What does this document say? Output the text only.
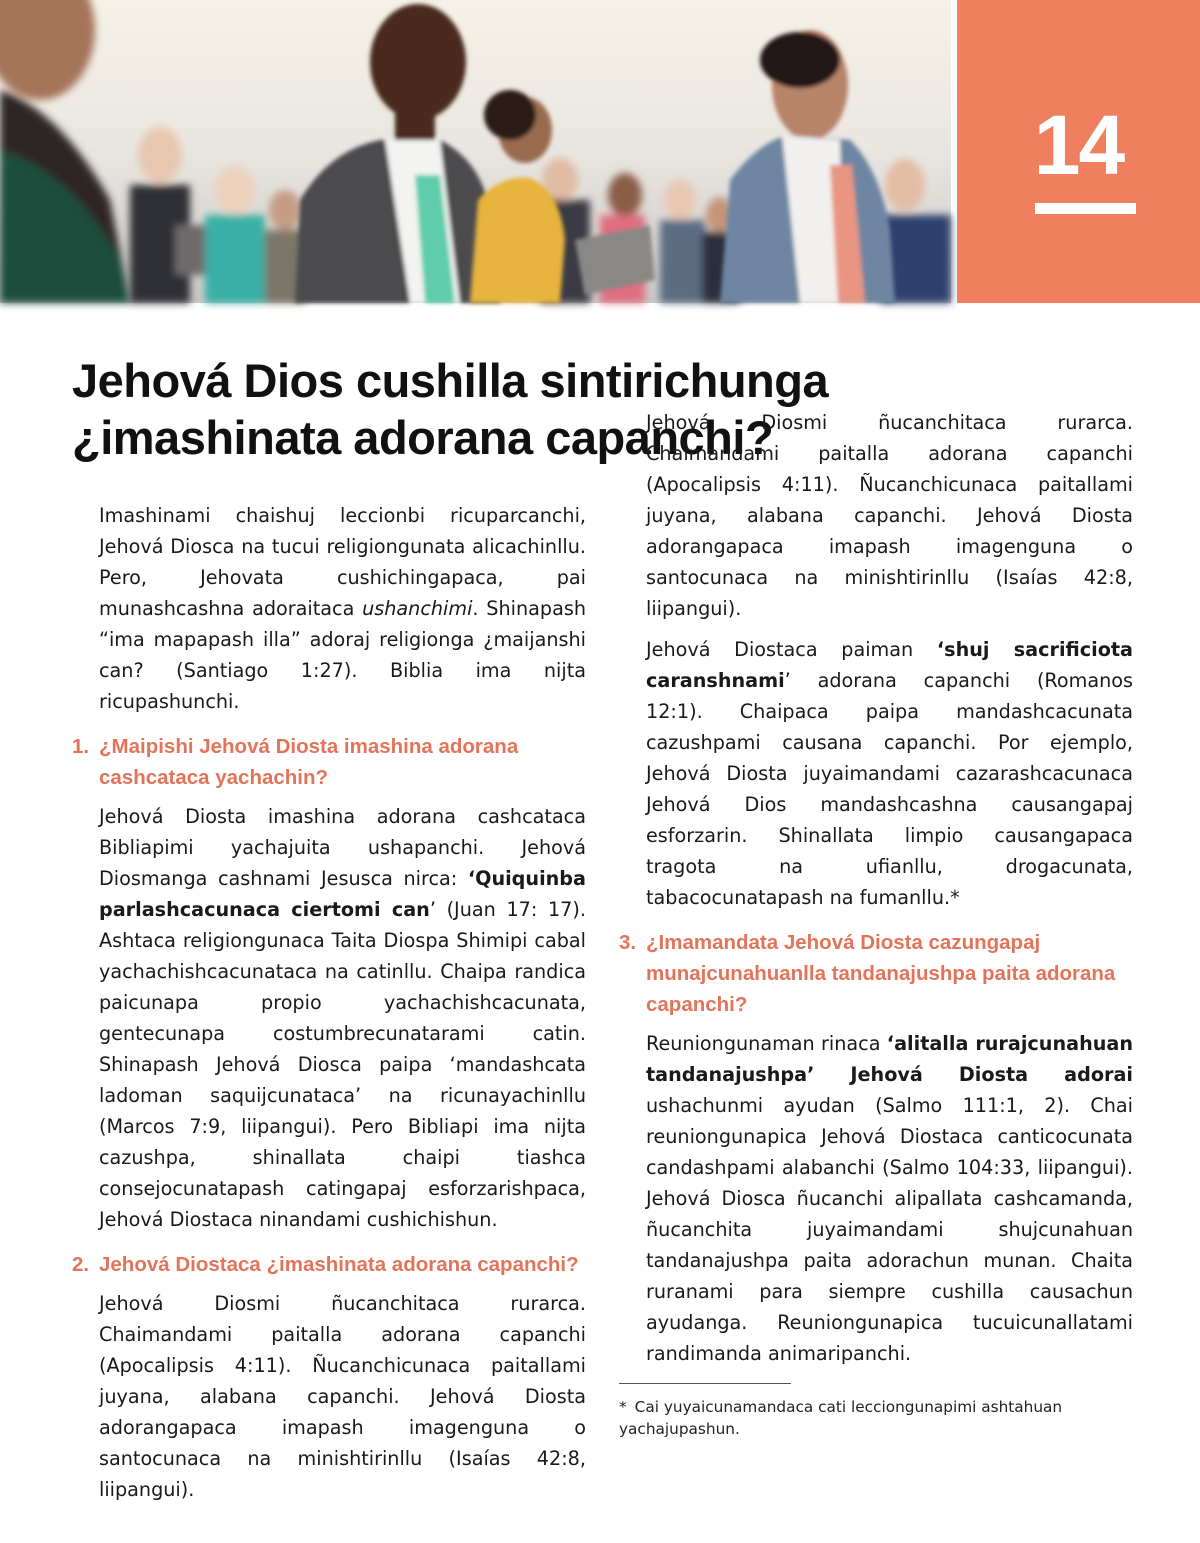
14
Jehová Dios cushilla sintirichunga
¿imashinata adorana capanchi?

Imashinami chaishuj leccionbi ricuparcanchi, Jehová Diosca na tucui religiongunata alicachinllu. Pero, Jehovata cushichingapaca, pai munashcashna adoraitaca ushanchimi. Shinapash “ima mapapash illa” adoraj religionga ¿maijanshi can? (Santiago 1:27). Biblia ima nijta ricupashunchi.

1. ¿Maipishi Jehová Diosta imashina adorana cashcataca yachachin?

Jehová Diosta imashina adorana cashcataca Bibliapimi yachajuita ushapanchi. Jehová Diosmanga cashnami Jesusca nirca: ‘Quiquinba parlashcacunaca ciertomi can’ (Juan 17: 17). Ashtaca religiongunaca Taita Diospa Shimipi cabal yachachishcacunataca na catinllu. Chaipa randica paicunapa propio yachachishcacunata, gentecunapa costumbrecunatarami catin. Shinapash Jehová Diosca paipa ‘mandashcata ladoman saquijcunataca’ na ricunayachinllu (Marcos 7:9, liipangui). Pero Bibliapi ima nijta cazushpa, shinallata chaipi tiashca consejocunatapash catingapaj esforzarishpaca, Jehová Diostaca ninandami cushichishun.

2. Jehová Diostaca ¿imashinata adorana capanchi?

Jehová Diosmi ñucanchitaca rurarca. Chaimandami paitalla adorana capanchi (Apocalipsis 4:11). Ñucanchicunaca paitallami juyana, alabana capanchi. Jehová Diosta adorangapaca imapash imagenguna o santocunaca na minishtirinllu (Isaías 42:8, liipangui).

Jehová Diosmi ñucanchitaca rurarca. Chaimandami paitalla adorana capanchi (Apocalipsis 4:11). Ñucanchicunaca paitallami juyana, alabana capanchi. Jehová Diosta adorangapaca imapash imagenguna o santocunaca na minishtirinllu (Isaías 42:8, liipangui).

Jehová Diostaca paiman ‘shuj sacrificiota caranshnami’ adorana capanchi (Romanos 12:1). Chaipaca paipa mandashcacunata cazushpami causana capanchi. Por ejemplo, Jehová Diosta juyaimandami cazarashcacunaca Jehová Dios mandashcashna causangapaj esforzarin. Shinallata limpio causangapaca tragota na ufianllu, drogacunata, tabacocunatapash na fumanllu.*

3. ¿Imamandata Jehová Diosta cazungapaj munajcunahuanlla tandanajushpa paita adorana capanchi?

Reuniongunaman rinaca ‘alitalla rurajcunahuan tandanajushpa’ Jehová Diosta adorai ushachunmi ayudan (Salmo 111:1, 2). Chai reuniongunapica Jehová Diostaca canticocunata candashpami alabanchi (Salmo 104:33, liipangui). Jehová Diosca ñucanchi alipallata cashcamanda, ñucanchita juyaimandami shujcunahuan tandanajushpa paita adorachun munan. Chaita ruranami para siempre cushilla causachun ayudanga. Reuniongunapica tucuicunallatami randimanda animaripanchi.

* Cai yuyaicunamandaca cati lecciongunapimi ashtahuan yachajupashun.
